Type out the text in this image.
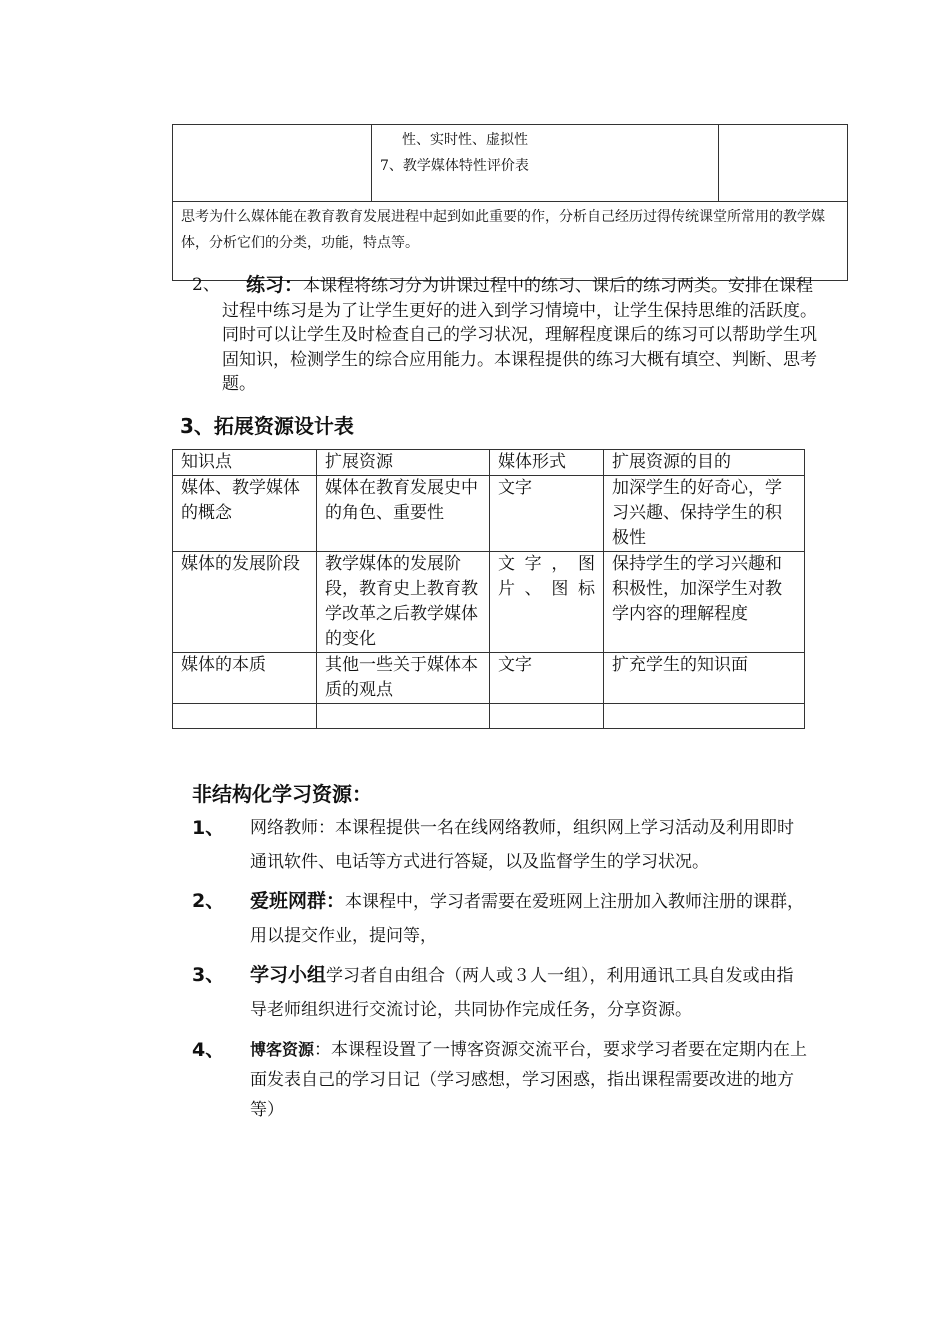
性、实时性、虚拟性
7、教学媒体特性评价表

思考为什么媒体能在教育教育发展进程中起到如此重要的作，分析自己经历过得传统课堂所常用的教学媒体，分析它们的分类，功能，特点等。
2、	练习：本课程将练习分为讲课过程中的练习、课后的练习两类。安排在课程过程中练习是为了让学生更好的进入到学习情境中，让学生保持思维的活跃度。同时可以让学生及时检查自己的学习状况，理解程度课后的练习可以帮助学生巩固知识，检测学生的综合应用能力。本课程提供的练习大概有填空、判断、思考题。
3、拓展资源设计表
知识点	扩展资源	媒体形式	扩展资源的目的
媒体、教学媒体的概念	媒体在教育发展史中的角色、重要性	文字	加深学生的好奇心，学习兴趣、保持学生的积极性
媒体的发展阶段	教学媒体的发展阶段，教育史上教育教学改革之后教学媒体的变化	文字，图片、图标	保持学生的学习兴趣和积极性，加深学生对教学内容的理解程度
媒体的本质	其他一些关于媒体本质的观点	文字	扩充学生的知识面

非结构化学习资源：
1、 网络教师：本课程提供一名在线网络教师，组织网上学习活动及利用即时通讯软件、电话等方式进行答疑，以及监督学生的学习状况。
2、 爱班网群：本课程中，学习者需要在爱班网上注册加入教师注册的课群，用以提交作业，提问等，
3、 学习小组学习者自由组合（两人或３人一组），利用通讯工具自发或由指导老师组织进行交流讨论，共同协作完成任务，分享资源。
4、 博客资源：本课程设置了一博客资源交流平台，要求学习者要在定期内在上面发表自己的学习日记（学习感想，学习困惑，指出课程需要改进的地方等）
